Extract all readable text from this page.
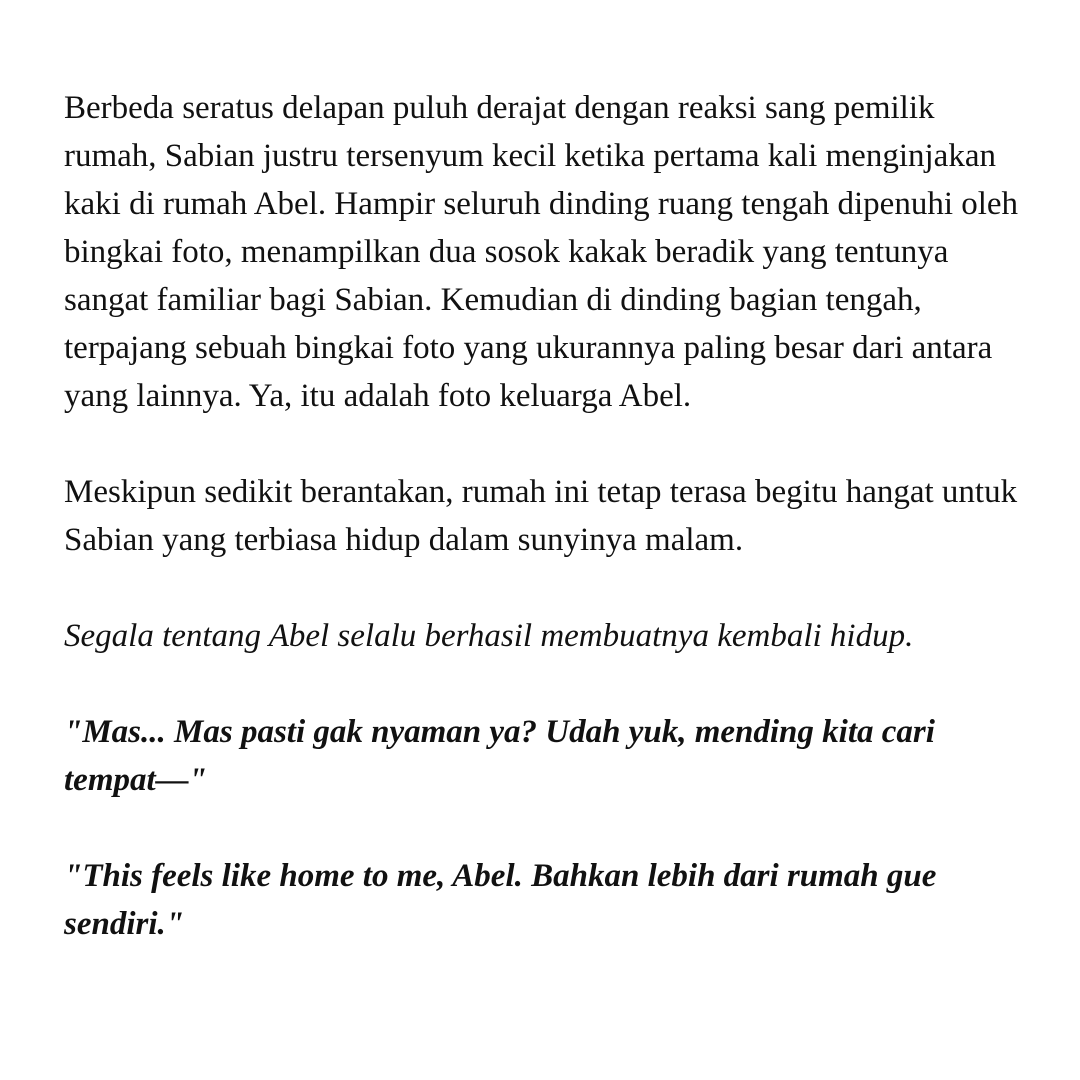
Berbeda seratus delapan puluh derajat dengan reaksi sang pemilik rumah, Sabian justru tersenyum kecil ketika pertama kali menginjakan kaki di rumah Abel. Hampir seluruh dinding ruang tengah dipenuhi oleh bingkai foto, menampilkan dua sosok kakak beradik yang tentunya sangat familiar bagi Sabian. Kemudian di dinding bagian tengah, terpajang sebuah bingkai foto yang ukurannya paling besar dari antara yang lainnya. Ya, itu adalah foto keluarga Abel.

Meskipun sedikit berantakan, rumah ini tetap terasa begitu hangat untuk Sabian yang terbiasa hidup dalam sunyinya malam.

Segala tentang Abel selalu berhasil membuatnya kembali hidup.

"Mas... Mas pasti gak nyaman ya? Udah yuk, mending kita cari tempat—"

"This feels like home to me, Abel. Bahkan lebih dari rumah gue sendiri."
